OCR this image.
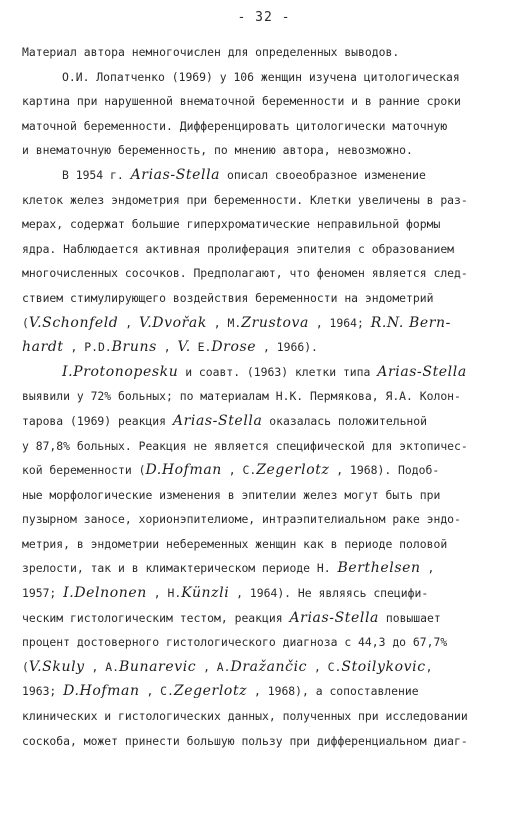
- 32 -
Материал автора немногочислен для определенных выводов.
О.И. Лопатченко (1969) у 106 женщин изучена цитологическая
картина при нарушенной внематочной беременности и в ранние сроки
маточной беременности. Дифференцировать цитологически маточную
и внематочную беременность, по мнению автора, невозможно.
В 1954 г. Arias-Stella описал своеобразное изменение
клеток желез эндометрия при беременности. Клетки увеличены в раз-
мерах, содержат большие гиперхроматические неправильной формы
ядра. Наблюдается активная пролиферация эпителия с образованием
многочисленных сосочков. Предполагают, что феномен является след-
ствием стимулирующего воздействия беременности на эндометрий
(V.Schonfeld , V.Dvořak , M.Zrustova , 1964; R.N. Bern-
hardt , P.D.Bruns , V. E.Drose , 1966).
I.Protonopesku и соавт. (1963) клетки типа Arias-Stella
выявили у 72% больных; по материалам Н.К. Пермякова, Я.А. Колон-
тарова (1969) реакция Arias-Stella оказалась положительной
у 87,8% больных. Реакция не является специфической для эктопичес-
кой беременности (D.Hofman , C.Zegerlotz , 1968). Подоб-
ные морфологические изменения в эпителии желез могут быть при
пузырном заносе, хорионэпителиоме, интраэпителиальном раке эндо-
метрия, в эндометрии небеременных женщин как в периоде половой
зрелости, так и в климактерическом периоде H. Berthelsen ,
1957; I.Delnonen , H.Künzli , 1964). Не являясь специфи-
ческим гистологическим тестом, реакция Arias-Stella повышает
процент достоверного гистологического диагноза с 44,3 до 67,7%
(V.Skuly , A.Bunarevic , A.Dražančic , C.Stoilykovic,
1963; D.Hofman , C.Zegerlotz , 1968), а сопоставление
клинических и гистологических данных, полученных при исследовании
соскоба, может принести большую пользу при дифференциальном диаг-
